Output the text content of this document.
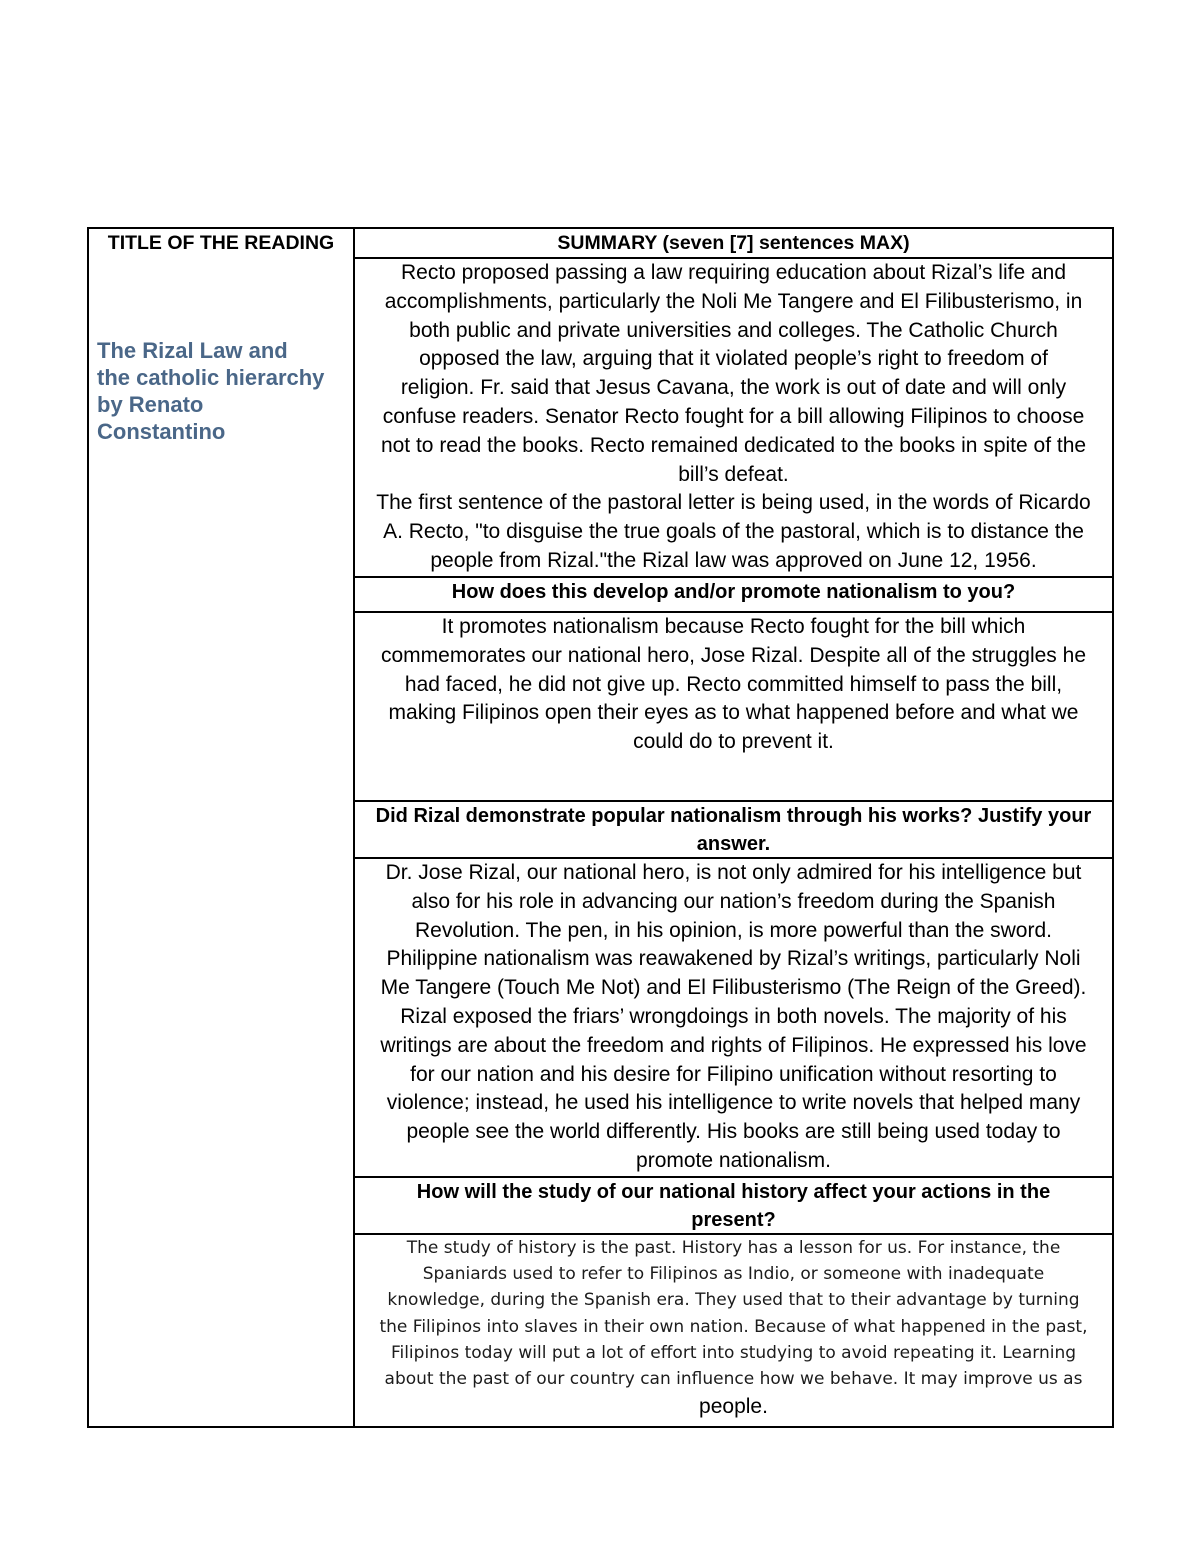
TITLE OF THE READING
The Rizal Law and
the catholic hierarchy
by Renato
Constantino
SUMMARY (seven [7] sentences MAX)
Recto proposed passing a law requiring education about Rizal’s life and
accomplishments, particularly the Noli Me Tangere and El Filibusterismo, in
both public and private universities and colleges. The Catholic Church
opposed the law, arguing that it violated people’s right to freedom of
religion. Fr. said that Jesus Cavana, the work is out of date and will only
confuse readers. Senator Recto fought for a bill allowing Filipinos to choose
not to read the books. Recto remained dedicated to the books in spite of the
bill’s defeat.
The first sentence of the pastoral letter is being used, in the words of Ricardo
A. Recto, "to disguise the true goals of the pastoral, which is to distance the
people from Rizal."the Rizal law was approved on June 12, 1956.
How does this develop and/or promote nationalism to you?
It promotes nationalism because Recto fought for the bill which
commemorates our national hero, Jose Rizal. Despite all of the struggles he
had faced, he did not give up. Recto committed himself to pass the bill,
making Filipinos open their eyes as to what happened before and what we
could do to prevent it.
Did Rizal demonstrate popular nationalism through his works? Justify your
answer.
Dr. Jose Rizal, our national hero, is not only admired for his intelligence but
also for his role in advancing our nation’s freedom during the Spanish
Revolution. The pen, in his opinion, is more powerful than the sword.
Philippine nationalism was reawakened by Rizal’s writings, particularly Noli
Me Tangere (Touch Me Not) and El Filibusterismo (The Reign of the Greed).
Rizal exposed the friars’ wrongdoings in both novels. The majority of his
writings are about the freedom and rights of Filipinos. He expressed his love
for our nation and his desire for Filipino unification without resorting to
violence; instead, he used his intelligence to write novels that helped many
people see the world differently. His books are still being used today to
promote nationalism.
How will the study of our national history affect your actions in the
present?
The study of history is the past. History has a lesson for us. For instance, the
Spaniards used to refer to Filipinos as Indio, or someone with inadequate
knowledge, during the Spanish era. They used that to their advantage by turning
the Filipinos into slaves in their own nation. Because of what happened in the past,
Filipinos today will put a lot of effort into studying to avoid repeating it. Learning
about the past of our country can influence how we behave. It may improve us as
people.
